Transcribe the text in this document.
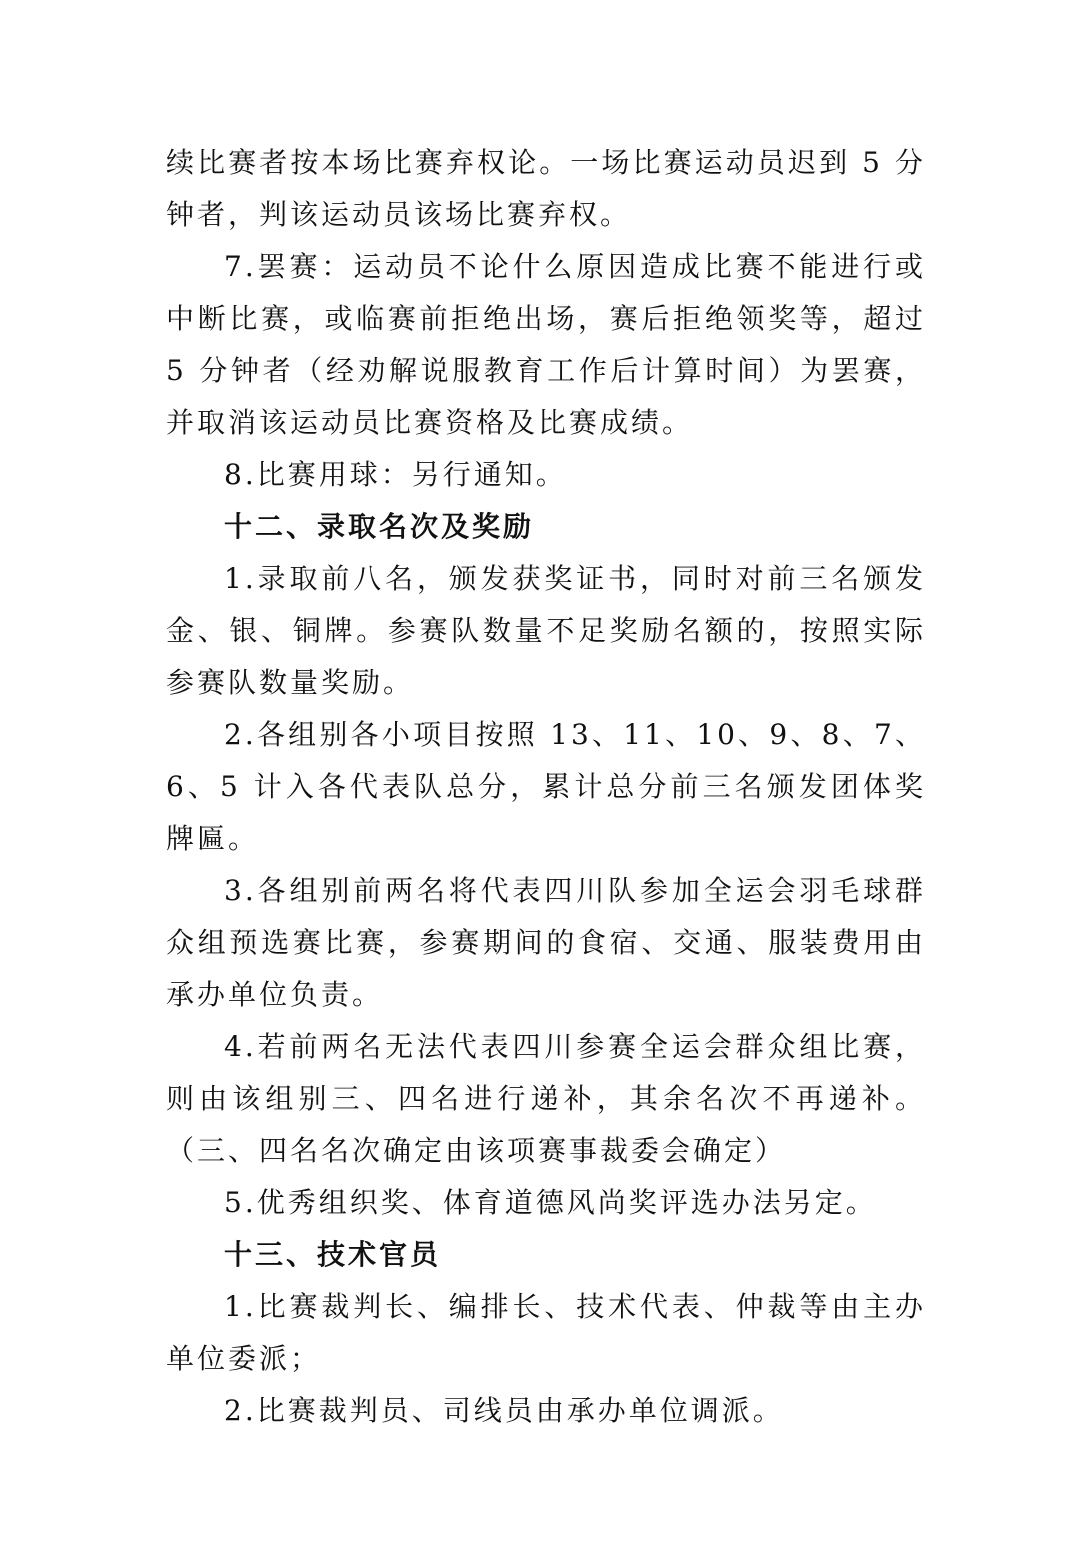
续比赛者按本场比赛弃权论。一场比赛运动员迟到 5 分钟者，判该运动员该场比赛弃权。

7.罢赛：运动员不论什么原因造成比赛不能进行或中断比赛，或临赛前拒绝出场，赛后拒绝领奖等，超过 5 分钟者（经劝解说服教育工作后计算时间）为罢赛，并取消该运动员比赛资格及比赛成绩。

8.比赛用球：另行通知。

十二、录取名次及奖励

1.录取前八名，颁发获奖证书，同时对前三名颁发金、银、铜牌。参赛队数量不足奖励名额的，按照实际参赛队数量奖励。

2.各组别各小项目按照 13、11、10、9、8、7、6、5 计入各代表队总分，累计总分前三名颁发团体奖牌匾。

3.各组别前两名将代表四川队参加全运会羽毛球群众组预选赛比赛，参赛期间的食宿、交通、服装费用由承办单位负责。

4.若前两名无法代表四川参赛全运会群众组比赛，则由该组别三、四名进行递补，其余名次不再递补。（三、四名名次确定由该项赛事裁委会确定）

5.优秀组织奖、体育道德风尚奖评选办法另定。

十三、技术官员

1.比赛裁判长、编排长、技术代表、仲裁等由主办单位委派；

2.比赛裁判员、司线员由承办单位调派。
